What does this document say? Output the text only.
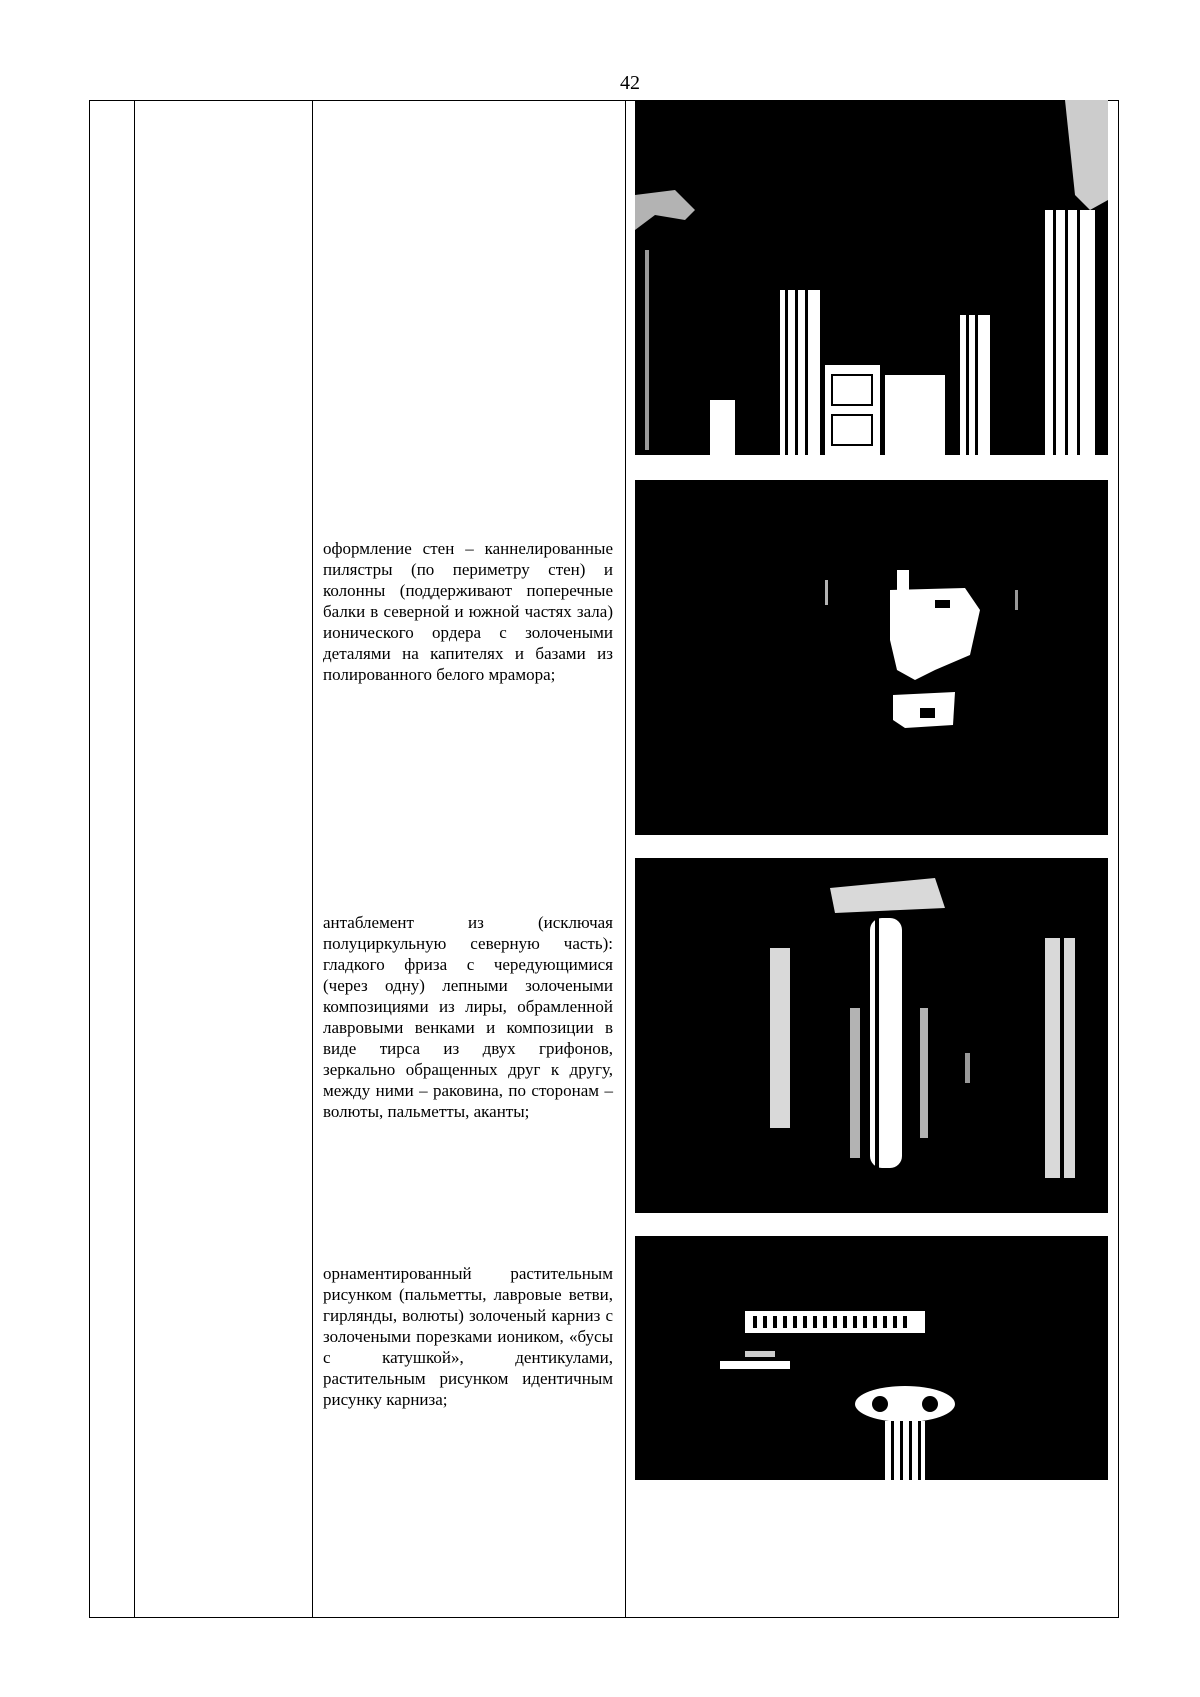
42
оформление стен – каннелированные пилястры (по периметру стен) и колонны (поддерживают поперечные балки в северной и южной частях зала) ионического ордера с золочеными деталями на капителях и базами из полированного белого мрамора;
антаблемент из (исключая полуциркульную северную часть): гладкого фриза с чередующимися (через одну) лепными золочеными композициями из лиры, обрамленной лавровыми венками и композиции в виде тирса из двух грифонов, зеркально обращенных друг к другу, между ними – раковина, по сторонам – волюты, пальметты, аканты;
орнаментированный растительным рисунком (пальметты, лавровые ветви, гирлянды, волюты) золоченый карниз с золочеными порезками иоником, «бусы с катушкой», дентикулами, растительным рисунком идентичным рисунку карниза;
